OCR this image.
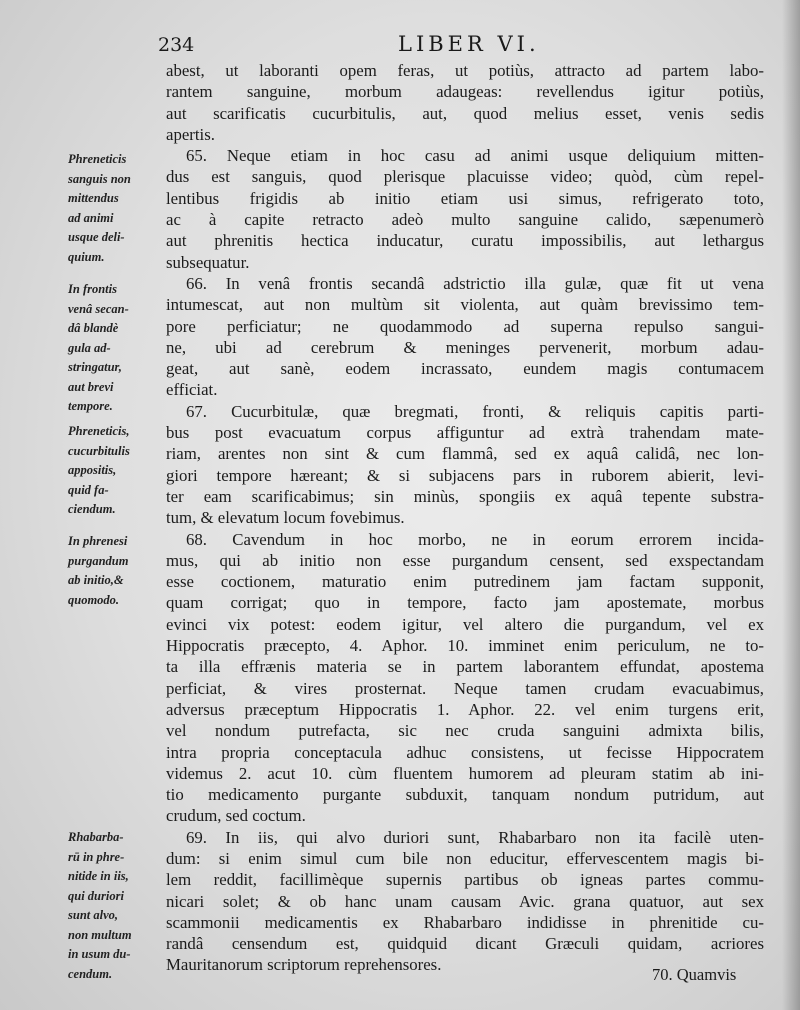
234	LIBER VI.
Phreneticis
sanguis non
mittendus
ad animi
usque deli-
quium.
In frontis
venâ secan-
dâ blandè
gula ad-
stringatur,
aut brevi
tempore.
Phreneticis,
cucurbitulis
appositis,
quid fa-
ciendum.
In phrenesi
purgandum
ab initio,&
quomodo.
Rhabarba-
rū in phre-
nitide in iis,
qui duriori
sunt alvo,
non multum
in usum du-
cendum.
abest, ut laboranti opem feras, ut potiùs, attracto ad partem labo-
rantem sanguine, morbum adaugeas: revellendus igitur potiùs,
aut scarificatis cucurbitulis, aut, quod melius esset, venis sedis
apertis.
65. Neque etiam in hoc casu ad animi usque deliquium mitten-
dus est sanguis, quod plerisque placuisse video; quòd, cùm repel-
lentibus frigidis ab initio etiam usi simus, refrigerato toto,
ac à capite retracto adeò multo sanguine calido, sæpenumerò
aut phrenitis hectica inducatur, curatu impossibilis, aut lethargus
subsequatur.
66. In venâ frontis secandâ adstrictio illa gulæ, quæ fit ut vena
intumescat, aut non multùm sit violenta, aut quàm brevissimo tem-
pore perficiatur; ne quodammodo ad superna repulso sangui-
ne, ubi ad cerebrum & meninges pervenerit, morbum adau-
geat, aut sanè, eodem incrassato, eundem magis contumacem
efficiat.
67. Cucurbitulæ, quæ bregmati, fronti, & reliquis capitis parti-
bus post evacuatum corpus affiguntur ad extrà trahendam mate-
riam, arentes non sint & cum flammâ, sed ex aquâ calidâ, nec lon-
giori tempore hæreant; & si subjacens pars in ruborem abierit, levi-
ter eam scarificabimus; sin minùs, spongiis ex aquâ tepente substra-
tum, & elevatum locum fovebimus.
68. Cavendum in hoc morbo, ne in eorum errorem incida-
mus, qui ab initio non esse purgandum censent, sed exspectandam
esse coctionem, maturatio enim putredinem jam factam supponit,
quam corrigat; quo in tempore, facto jam apostemate, morbus
evinci vix potest: eodem igitur, vel altero die purgandum, vel ex
Hippocratis præcepto, 4. Aphor. 10. imminet enim periculum, ne to-
ta illa effrænis materia se in partem laborantem effundat, apostema
perficiat, & vires prosternat. Neque tamen crudam evacuabimus,
adversus præceptum Hippocratis 1. Aphor. 22. vel enim turgens erit,
vel nondum putrefacta, sic nec cruda sanguini admixta bilis,
intra propria conceptacula adhuc consistens, ut fecisse Hippocratem
videmus 2. acut 10. cùm fluentem humorem ad pleuram statim ab ini-
tio medicamento purgante subduxit, tanquam nondum putridum, aut
crudum, sed coctum.
69. In iis, qui alvo duriori sunt, Rhabarbaro non ita facilè uten-
dum: si enim simul cum bile non educitur, effervescentem magis bi-
lem reddit, facillimèque supernis partibus ob igneas partes commu-
nicari solet; & ob hanc unam causam Avic. grana quatuor, aut sex
scammonii medicamentis ex Rhabarbaro indidisse in phrenitide cu-
randâ censendum est, quidquid dicant Græculi quidam, acriores
Mauritanorum scriptorum reprehensores.
70. Quamvis
